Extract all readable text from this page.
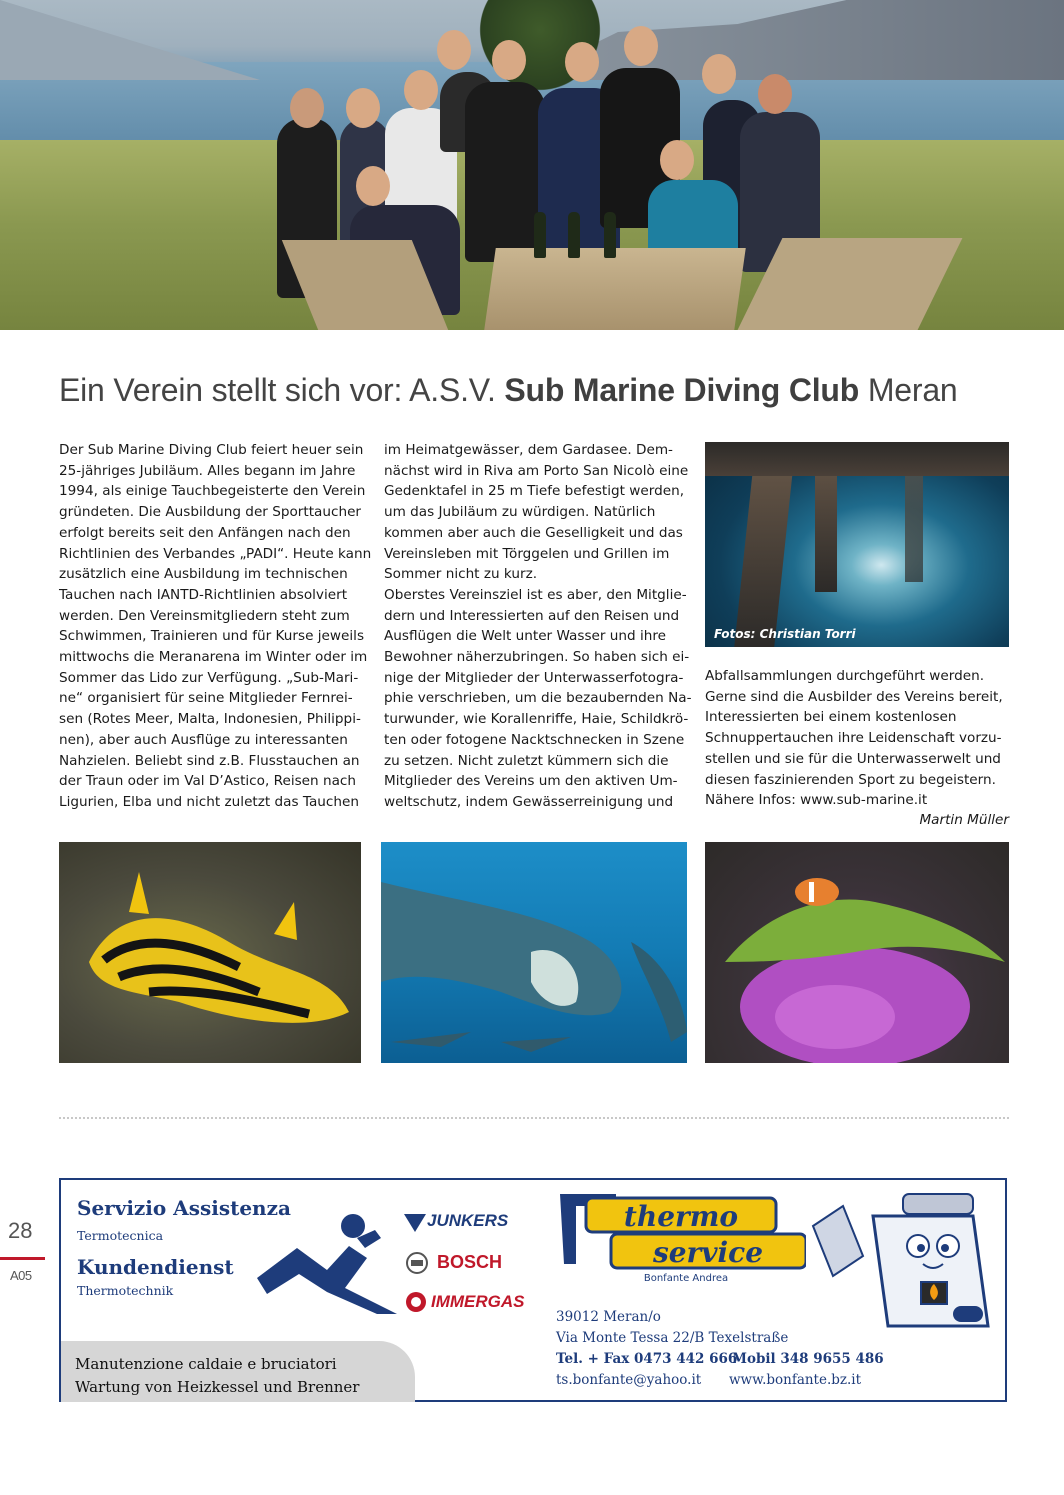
Ein Verein stellt sich vor: A.S.V. Sub Marine Diving Club Meran
Der Sub Marine Diving Club feiert heuer sein
25-jähriges Jubiläum. Alles begann im Jahre
1994, als einige Tauchbegeisterte den Verein
gründeten. Die Ausbildung der Sporttaucher
erfolgt bereits seit den Anfängen nach den
Richtlinien des Verbandes „PADI“. Heute kann
zusätzlich eine Ausbildung im technischen
Tauchen nach IANTD-Richtlinien absolviert
werden. Den Vereinsmitgliedern steht zum
Schwimmen, Trainieren und für Kurse jeweils
mittwochs die Meranarena im Winter oder im
Sommer das Lido zur Verfügung. „Sub-Mari-
ne“ organisiert für seine Mitglieder Fernrei-
sen (Rotes Meer, Malta, Indonesien, Philippi-
nen), aber auch Ausflüge zu interessanten
Nahzielen. Beliebt sind z.B. Flusstauchen an
der Traun oder im Val D’Astico, Reisen nach
Ligurien, Elba und nicht zuletzt das Tauchen
im Heimatgewässer, dem Gardasee. Dem-
nächst wird in Riva am Porto San Nicolò eine
Gedenktafel in 25 m Tiefe befestigt werden,
um das Jubiläum zu würdigen. Natürlich
kommen aber auch die Geselligkeit und das
Vereinsleben mit Törggelen und Grillen im
Sommer nicht zu kurz.
Oberstes Vereinsziel ist es aber, den Mitglie-
dern und Interessierten auf den Reisen und
Ausflügen die Welt unter Wasser und ihre
Bewohner näherzubringen. So haben sich ei-
nige der Mitglieder der Unterwasserfotogra-
phie verschrieben, um die bezaubernden Na-
turwunder, wie Korallenriffe, Haie, Schildkrö-
ten oder fotogene Nacktschnecken in Szene
zu setzen. Nicht zuletzt kümmern sich die
Mitglieder des Vereins um den aktiven Um-
weltschutz, indem Gewässerreinigung und
Fotos: Christian Torri
Abfallsammlungen durchgeführt werden.
Gerne sind die Ausbilder des Vereins bereit,
Interessierten bei einem kostenlosen
Schnuppertauchen ihre Leidenschaft vorzu-
stellen und sie für die Unterwasserwelt und
diesen faszinierenden Sport zu begeistern.
Nähere Infos: www.sub-marine.it
Martin Müller
28
A05
Servizio Assistenza
Termotecnica
Kundendienst
Thermotechnik
Manutenzione caldaie e bruciatori
Wartung von Heizkessel und Brenner
JUNKERS
BOSCH
IMMERGAS
thermo
service
Bonfante Andrea
39012 Meran/o
Via Monte Tessa 22/B Texelstraße
Tel. + Fax 0473 442 666
Mobil 348 9655 486
ts.bonfante@yahoo.it www.bonfante.bz.it
